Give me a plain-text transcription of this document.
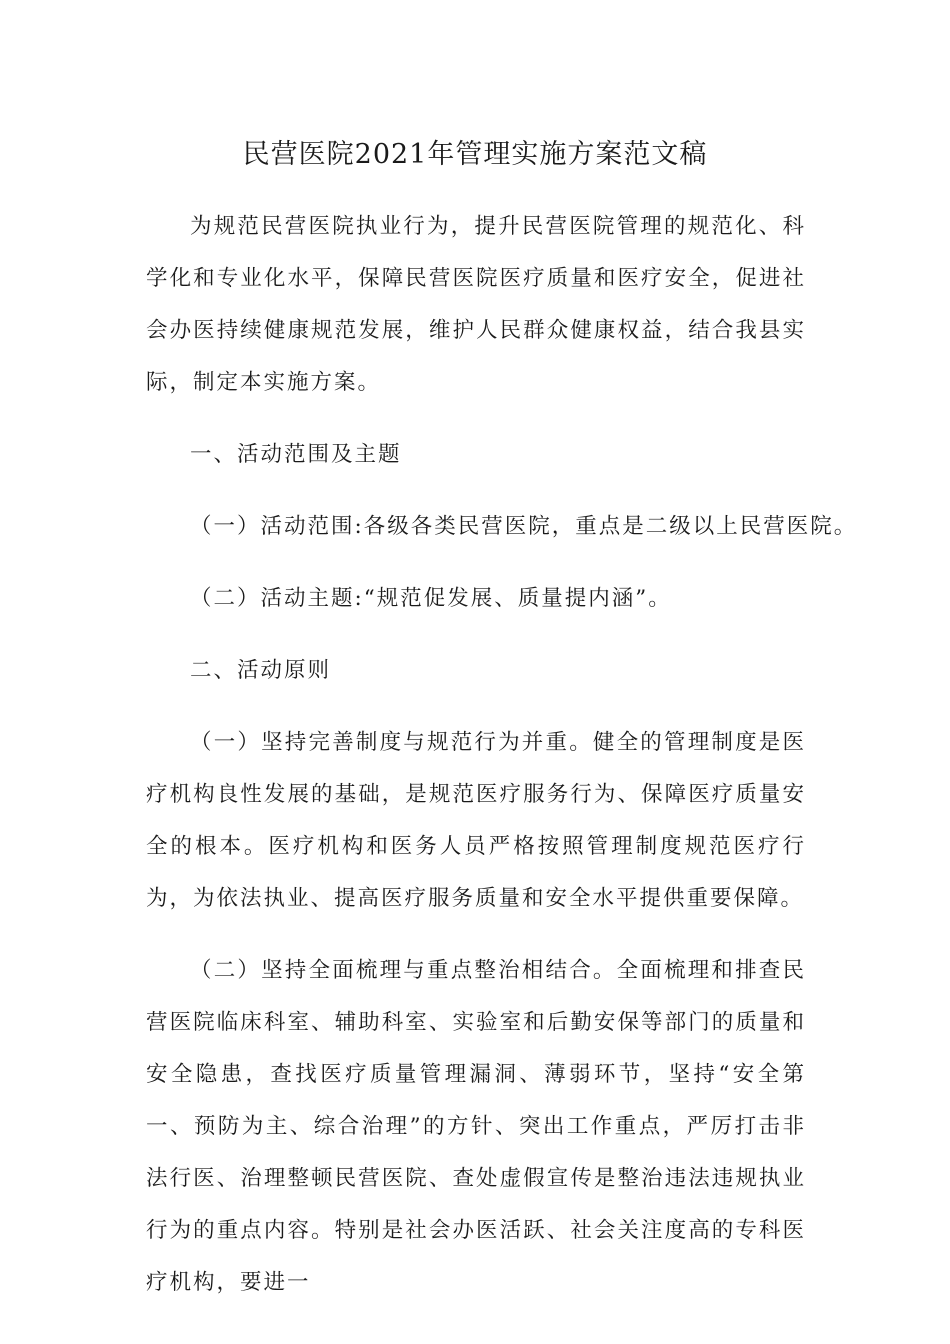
民营医院2021年管理实施方案范文稿

为规范民营医院执业行为，提升民营医院管理的规范化、科学化和专业化水平，保障民营医院医疗质量和医疗安全，促进社会办医持续健康规范发展，维护人民群众健康权益，结合我县实际，制定本实施方案。

一、活动范围及主题

（一）活动范围:各级各类民营医院，重点是二级以上民营医院。

（二）活动主题:“规范促发展、质量提内涵”。

二、活动原则

（一）坚持完善制度与规范行为并重。健全的管理制度是医疗机构良性发展的基础，是规范医疗服务行为、保障医疗质量安全的根本。医疗机构和医务人员严格按照管理制度规范医疗行为，为依法执业、提高医疗服务质量和安全水平提供重要保障。

（二）坚持全面梳理与重点整治相结合。全面梳理和排查民营医院临床科室、辅助科室、实验室和后勤安保等部门的质量和安全隐患，查找医疗质量管理漏洞、薄弱环节，坚持“安全第一、预防为主、综合治理”的方针、突出工作重点，严厉打击非法行医、治理整顿民营医院、查处虚假宣传是整治违法违规执业行为的重点内容。特别是社会办医活跃、社会关注度高的专科医疗机构，要进一
